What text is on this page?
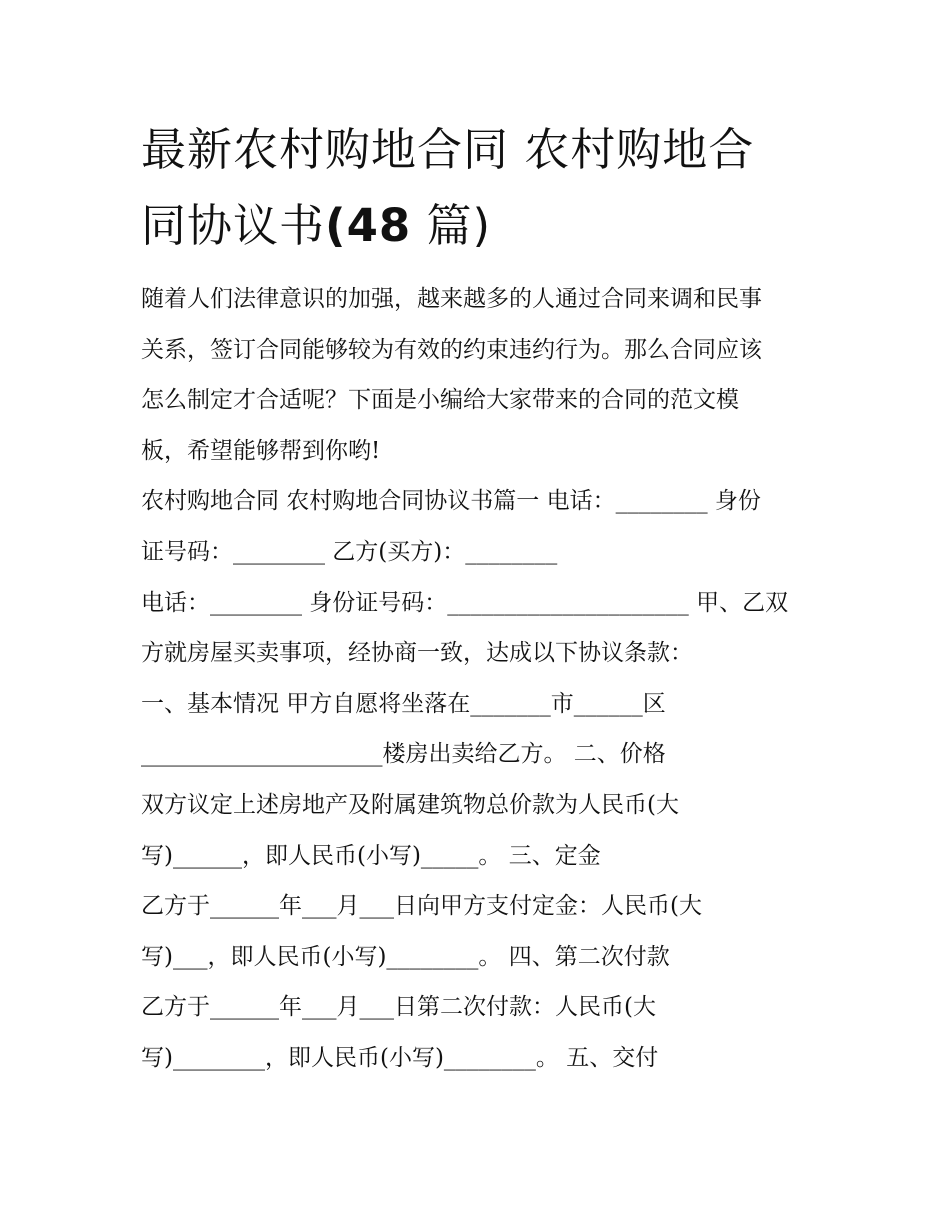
最新农村购地合同 农村购地合
同协议书(48 篇)
随着人们法律意识的加强，越来越多的人通过合同来调和民事
关系，签订合同能够较为有效的约束违约行为。那么合同应该
怎么制定才合适呢？下面是小编给大家带来的合同的范文模
板，希望能够帮到你哟!
农村购地合同 农村购地合同协议书篇一 电话：________ 身份
证号码：________ 乙方(买方)：________
电话：________ 身份证号码：_____________________ 甲、乙双
方就房屋买卖事项，经协商一致，达成以下协议条款：
一、基本情况 甲方自愿将坐落在_______市______区
_____________________楼房出卖给乙方。 二、价格
双方议定上述房地产及附属建筑物总价款为人民币(大
写)______，即人民币(小写)_____。 三、定金
乙方于______年___月___日向甲方支付定金：人民币(大
写)___，即人民币(小写)________。 四、第二次付款
乙方于______年___月___日第二次付款：人民币(大
写)________，即人民币(小写)________。 五、交付
